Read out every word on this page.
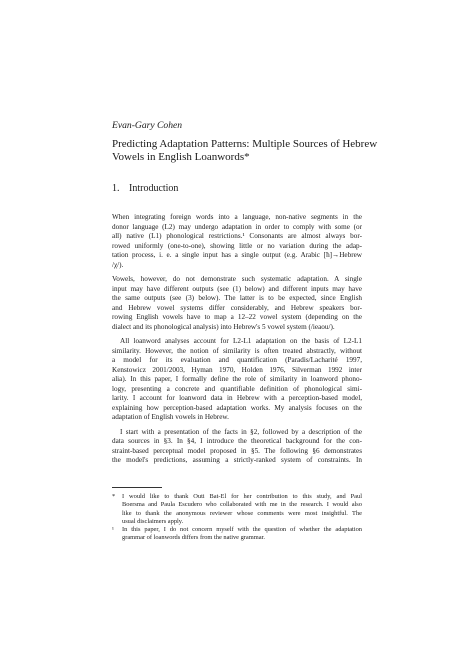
Evan-Gary Cohen
Predicting Adaptation Patterns: Multiple Sources of Hebrew
Vowels in English Loanwords*
1. Introduction
When integrating foreign words into a language, non-native segments in the
donor language (L2) may undergo adaptation in order to comply with some (or
all) native (L1) phonological restrictions.¹ Consonants are almost always bor-
rowed uniformly (one-to-one), showing little or no variation during the adap-
tation process, i. e. a single input has a single output (e.g. Arabic [ħ]→Hebrew
/χ/).
Vowels, however, do not demonstrate such systematic adaptation. A single
input may have different outputs (see (1) below) and different inputs may have
the same outputs (see (3) below). The latter is to be expected, since English
and Hebrew vowel systems differ considerably, and Hebrew speakers bor-
rowing English vowels have to map a 12–22 vowel system (depending on the
dialect and its phonological analysis) into Hebrew's 5 vowel system (/ieaou/).
All loanword analyses account for L2-L1 adaptation on the basis of L2-L1
similarity. However, the notion of similarity is often treated abstractly, without
a model for its evaluation and quantification (Paradis/Lacharité 1997,
Kenstowicz 2001/2003, Hyman 1970, Holden 1976, Silverman 1992 inter
alia). In this paper, I formally define the role of similarity in loanword phono-
logy, presenting a concrete and quantifiable definition of phonological simi-
larity. I account for loanword data in Hebrew with a perception-based model,
explaining how perception-based adaptation works. My analysis focuses on the
adaptation of English vowels in Hebrew.
I start with a presentation of the facts in §2, followed by a description of the
data sources in §3. In §4, I introduce the theoretical background for the con-
straint-based perceptual model proposed in §5. The following §6 demonstrates
the model's predictions, assuming a strictly-ranked system of constraints. In
*	I would like to thank Outi Bat-El for her contribution to this study, and Paul
Boersma and Paula Escudero who collaborated with me in the research. I would also
like to thank the anonymous reviewer whose comments were most insightful. The
usual disclaimers apply.
¹	In this paper, I do not concern myself with the question of whether the adaptation
grammar of loanwords differs from the native grammar.
